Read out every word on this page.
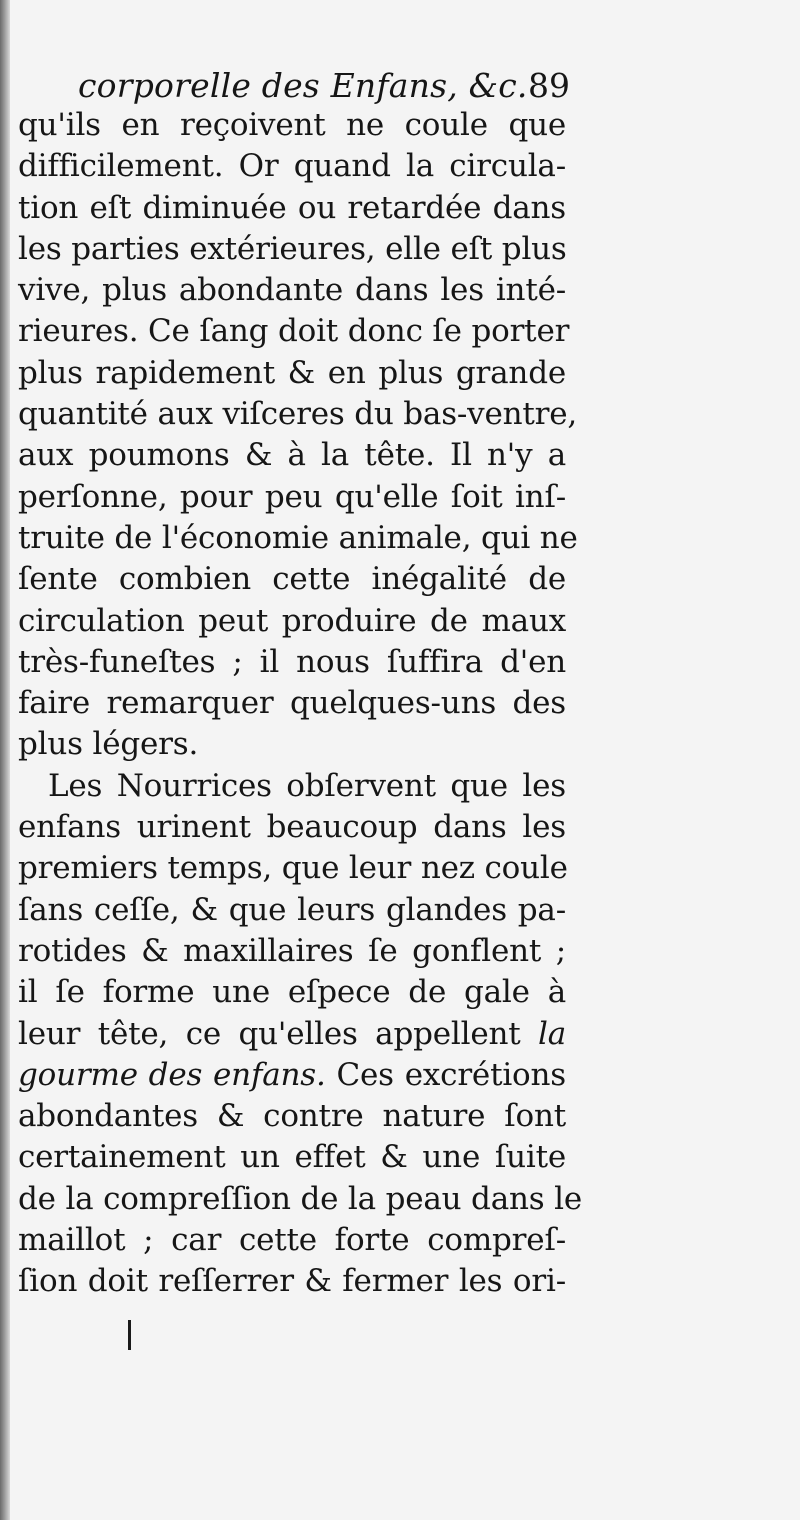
corporelle des Enfans, &c. 89
qu'ils en reçoivent ne coule que
difficilement. Or quand la circula-
tion eſt diminuée ou retardée dans
les parties extérieures, elle eſt plus
vive, plus abondante dans les inté-
rieures. Ce ſang doit donc ſe porter
plus rapidement & en plus grande
quantité aux viſceres du bas-ventre,
aux poumons & à la tête. Il n'y a
perſonne, pour peu qu'elle ſoit inſ-
truite de l'économie animale, qui ne
ſente combien cette inégalité de
circulation peut produire de maux
très-funeſtes ; il nous ſuffira d'en
faire remarquer quelques-uns des
plus légers.
Les Nourrices obſervent que les
enfans urinent beaucoup dans les
premiers temps, que leur nez coule
ſans ceſſe, & que leurs glandes pa-
rotides & maxillaires ſe gonflent ;
il ſe forme une eſpece de gale à
leur tête, ce qu'elles appellent la
gourme des enfans. Ces excrétions
abondantes & contre nature ſont
certainement un effet & une ſuite
de la compreſſion de la peau dans le
maillot ; car cette forte compreſ-
ſion doit reſſerrer & fermer les ori-
